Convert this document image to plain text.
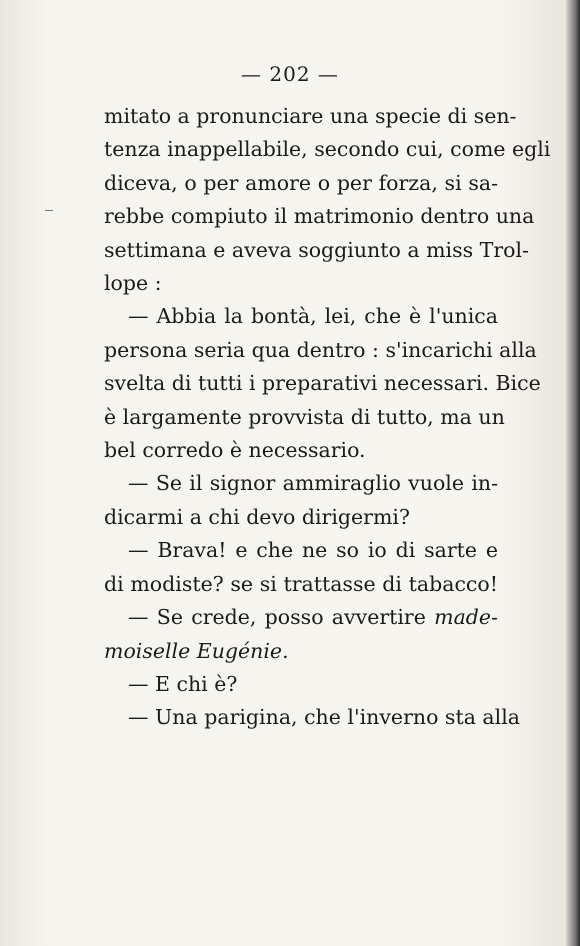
— 202 —
mitato a pronunciare una specie di sen-
tenza inappellabile, secondo cui, come egli
diceva, o per amore o per forza, si sa-
rebbe compiuto il matrimonio dentro una
settimana e aveva soggiunto a miss Trol-
lope :
— Abbia la bontà, lei, che è l'unica
persona seria qua dentro : s'incarichi alla
svelta di tutti i preparativi necessari. Bice
è largamente provvista di tutto, ma un
bel corredo è necessario.
— Se il signor ammiraglio vuole in-
dicarmi a chi devo dirigermi?
— Brava! e che ne so io di sarte e
di modiste? se si trattasse di tabacco!
— Se crede, posso avvertire made-
moiselle Eugénie.
— E chi è?
— Una parigina, che l'inverno sta alla
